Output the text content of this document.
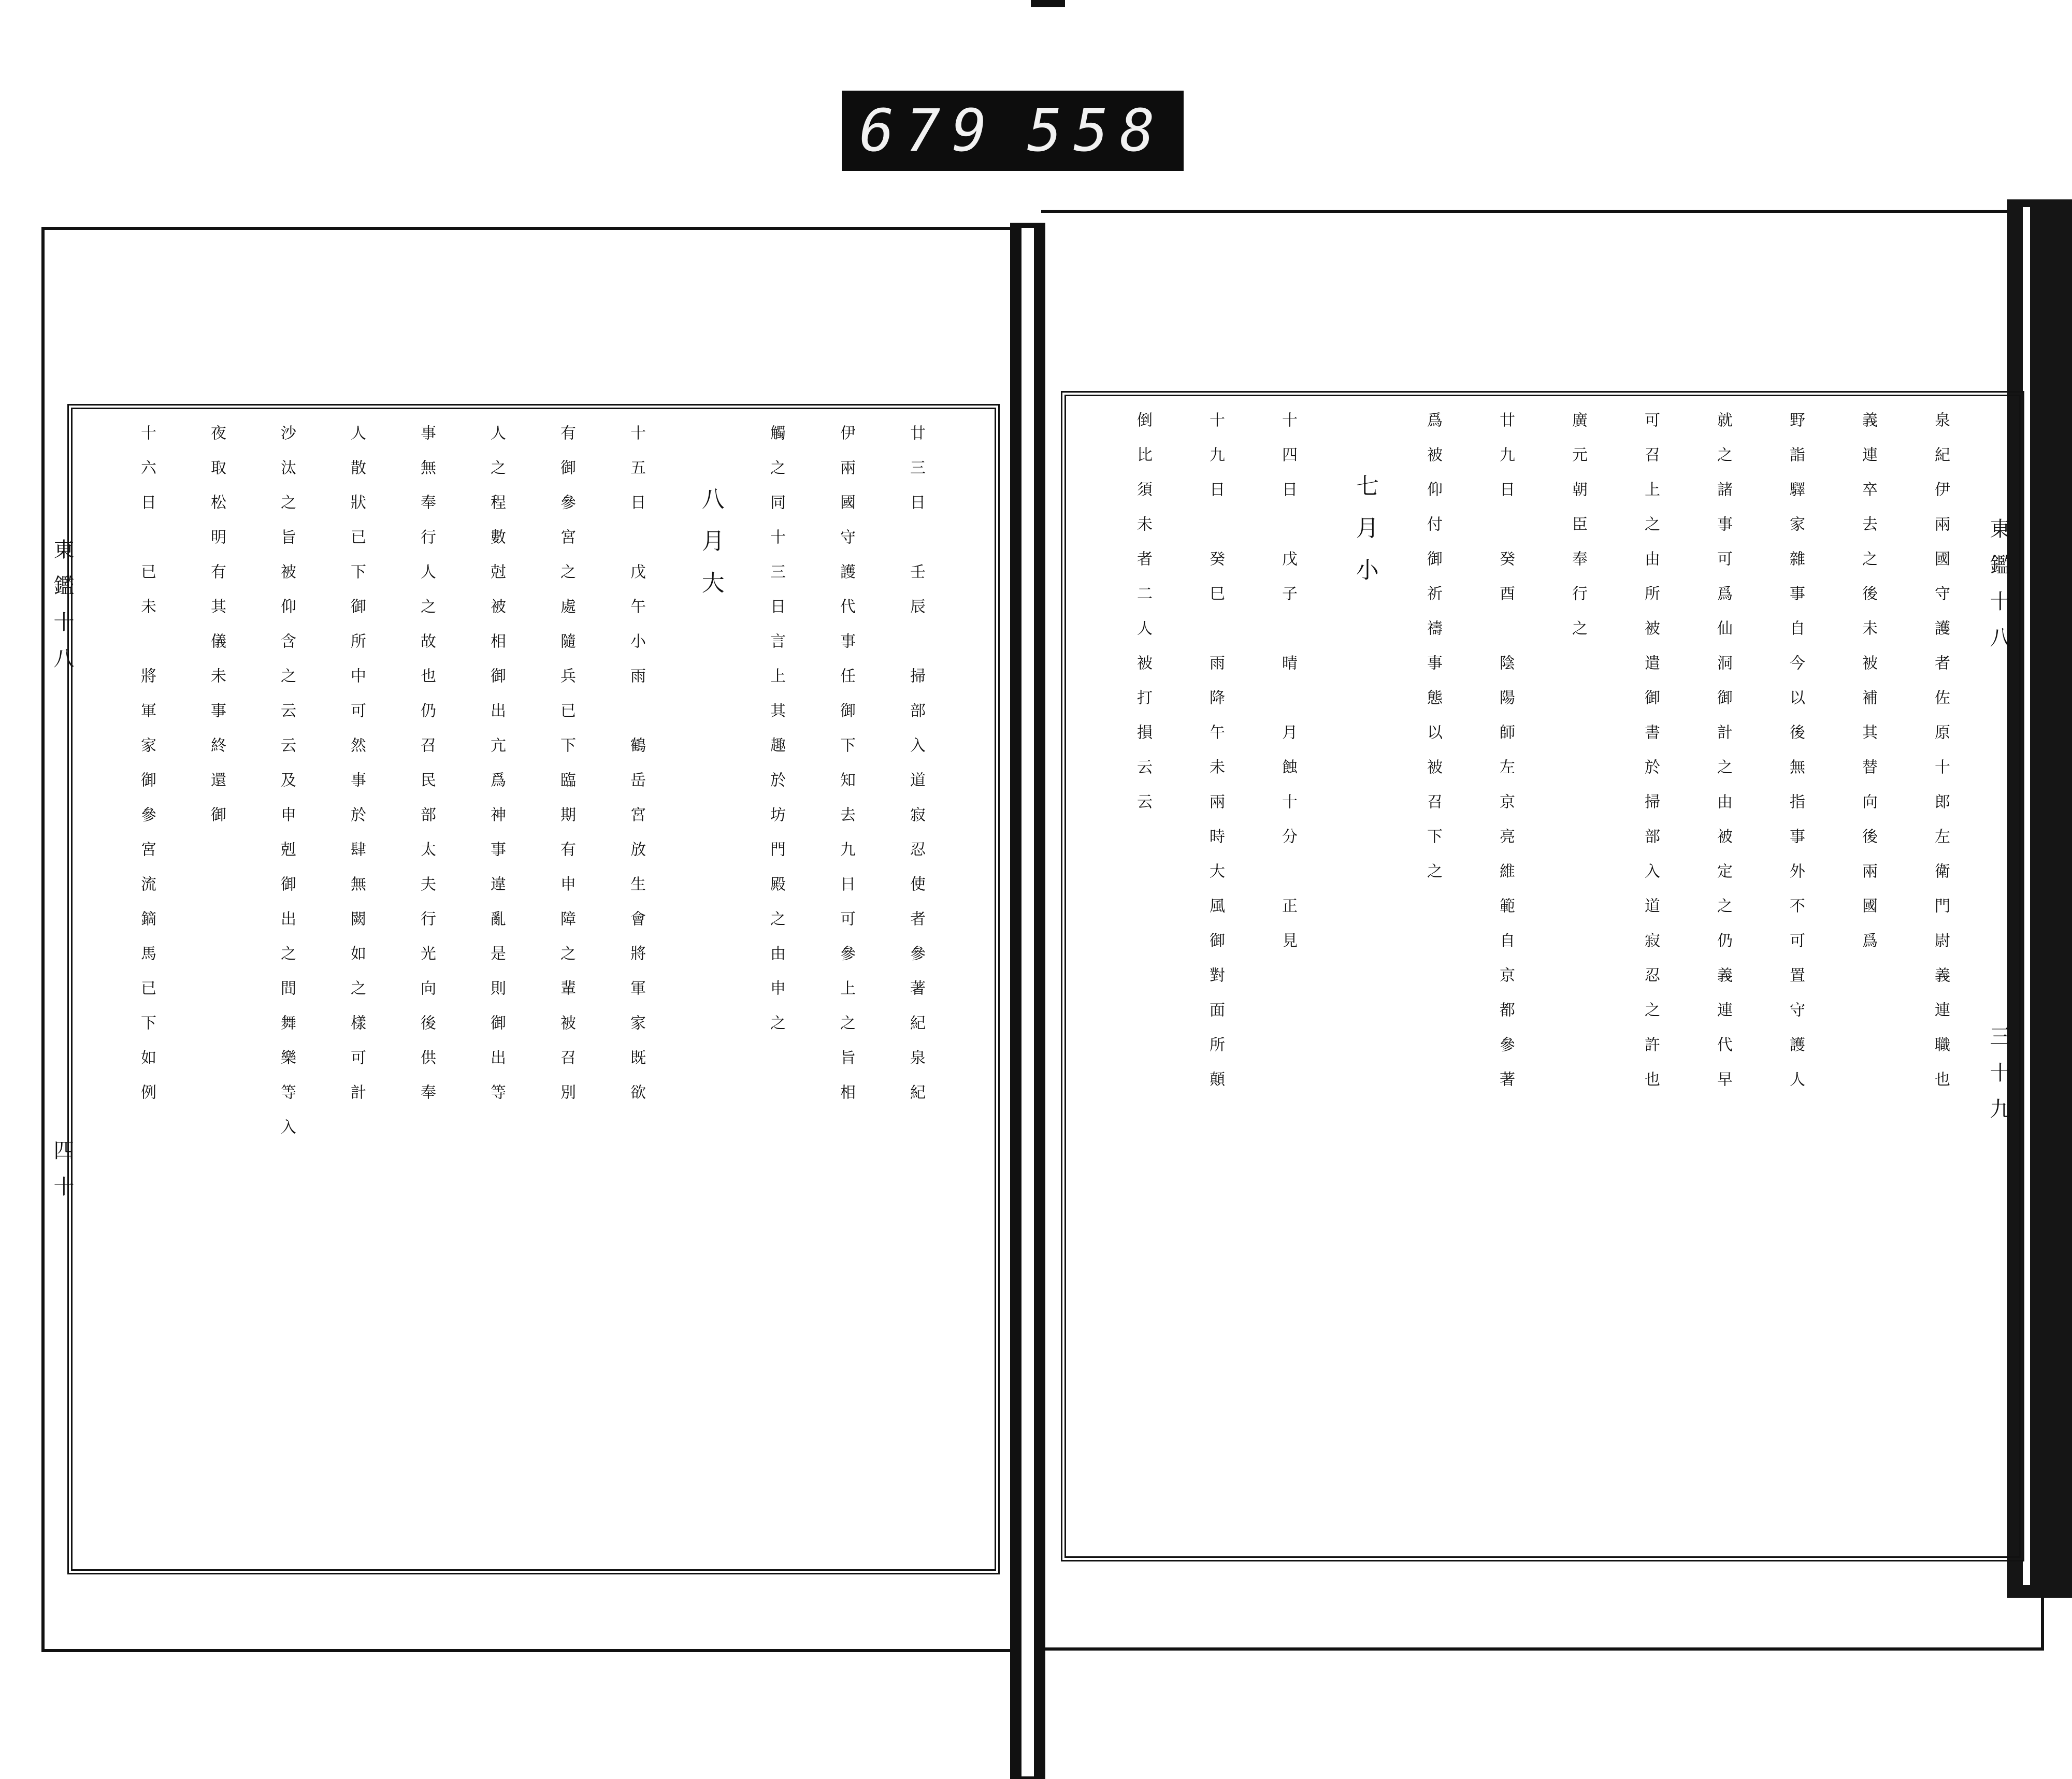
679 558
東鑑十八
四十
東鑑十八
三十九
泉紀伊兩國守護者佐原十郎左衛門尉義連職也
義連卒去之後未被補其替向後兩國爲
野詣驛家雜事自今以後無指事外不可置守護人
就之諸事可爲仙洞御計之由被定之仍義連代早
可召上之由所被遣御書於掃部入道寂忍之許也
廣元朝臣奉行之
廿九日　癸酉　陰陽師左京亮維範自京都參著
爲被仰付御祈禱事態以被召下之
七月小
十四日　戊子　晴　月蝕十分　正見
十九日　癸巳　雨降午未兩時大風御對面所顛
倒比須未者二人被打損云云
廿三日　壬辰　掃部入道寂忍使者參著紀泉紀
伊兩國守護代事任御下知去九日可參上之旨相
觸之同十三日言上其趣於坊門殿之由申之
八月大
十五日　戊午小雨　鶴岳宮放生會將軍家既欲
有御參宮之處隨兵已下臨期有申障之輩被召別
人之程數尅被相御出亢爲神事違亂是則御出等
事無奉行人之故也仍召民部太夫行光向後供奉
人散狀已下御所中可然事於肆無闕如之樣可計
沙汰之旨被仰含之云云及申剋御出之間舞樂等入
夜取松明有其儀未事終還御
十六日　已未　將軍家御參宮流鏑馬已下如例
